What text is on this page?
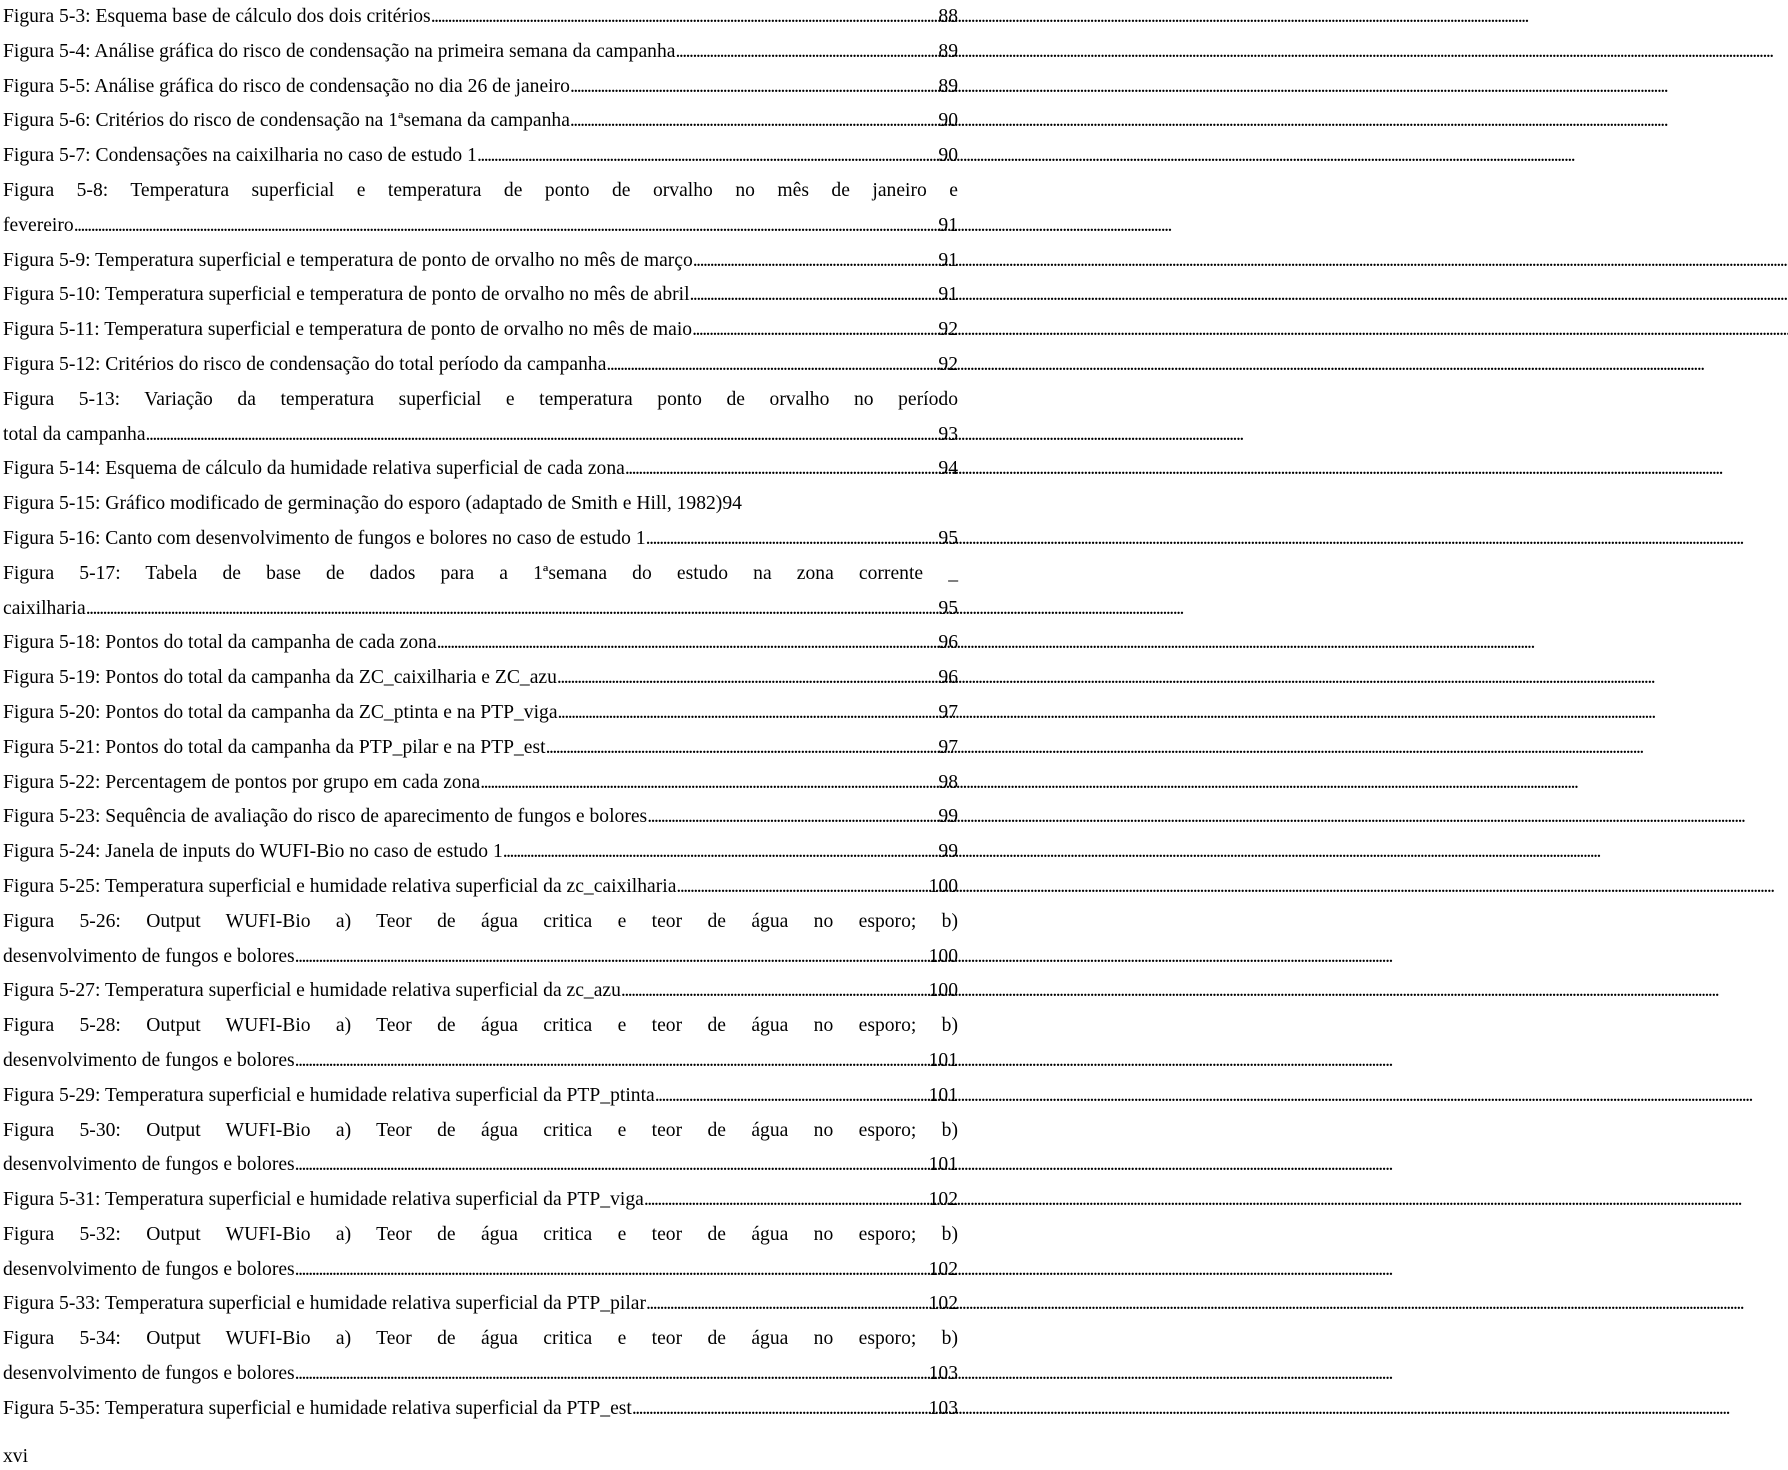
Figura 5-3: Esquema base de cálculo dos dois critérios . . .	88
Figura 5-4: Análise gráfica do risco de condensação na primeira semana da campanha . . .	89
Figura 5-5: Análise gráfica do risco de condensação no dia 26 de janeiro . . .	89
Figura 5-6: Critérios do risco de condensação na 1ªsemana da campanha . . .	90
Figura 5-7: Condensações na caixilharia no caso de estudo 1 . . .	90
Figura 5-8: Temperatura superficial e temperatura de ponto de orvalho no mês de janeiro e
fevereiro . . .	91
Figura 5-9: Temperatura superficial e temperatura de ponto de orvalho no mês de março . . .	91
Figura 5-10: Temperatura superficial e temperatura de ponto de orvalho no mês de abril . . .	91
Figura 5-11: Temperatura superficial e temperatura de ponto de orvalho no mês de maio . . .	92
Figura 5-12: Critérios do risco de condensação do total período da campanha . . .	92
Figura 5-13: Variação da temperatura superficial e temperatura ponto de orvalho no período
total da campanha . . .	93
Figura 5-14: Esquema de cálculo da humidade relativa superficial de cada zona . . .	94
Figura 5-15: Gráfico modificado de germinação do esporo (adaptado de Smith e Hill, 1982) 94
Figura 5-16: Canto com desenvolvimento de fungos e bolores no caso de estudo 1 . . .	95
Figura 5-17: Tabela de base de dados para a 1ªsemana do estudo na zona corrente _
caixilharia . . .	95
Figura 5-18: Pontos do total da campanha de cada zona . . .	96
Figura 5-19: Pontos do total da campanha da ZC_caixilharia e ZC_azu . . .	96
Figura 5-20: Pontos do total da campanha da ZC_ptinta e na PTP_viga . . .	97
Figura 5-21: Pontos do total da campanha da PTP_pilar e na PTP_est . . .	97
Figura 5-22: Percentagem de pontos por grupo em cada zona . . .	98
Figura 5-23: Sequência de avaliação do risco de aparecimento de fungos e bolores . . .	99
Figura 5-24: Janela de inputs do WUFI-Bio no caso de estudo 1 . . .	99
Figura 5-25: Temperatura superficial e humidade relativa superficial da zc_caixilharia . . .	100
Figura 5-26: Output WUFI-Bio a) Teor de água critica e teor de água no esporo; b)
desenvolvimento de fungos e bolores . . .	100
Figura 5-27: Temperatura superficial e humidade relativa superficial da zc_azu . . .	100
Figura 5-28: Output WUFI-Bio a) Teor de água critica e teor de água no esporo; b)
desenvolvimento de fungos e bolores . . .	101
Figura 5-29: Temperatura superficial e humidade relativa superficial da PTP_ptinta . . .	101
Figura 5-30: Output WUFI-Bio a) Teor de água critica e teor de água no esporo; b)
desenvolvimento de fungos e bolores . . .	101
Figura 5-31: Temperatura superficial e humidade relativa superficial da PTP_viga . . .	102
Figura 5-32: Output WUFI-Bio a) Teor de água critica e teor de água no esporo; b)
desenvolvimento de fungos e bolores . . .	102
Figura 5-33: Temperatura superficial e humidade relativa superficial da PTP_pilar . . .	102
Figura 5-34: Output WUFI-Bio a) Teor de água critica e teor de água no esporo; b)
desenvolvimento de fungos e bolores . . .	103
Figura 5-35: Temperatura superficial e humidade relativa superficial da PTP_est . . .	103
xvi
